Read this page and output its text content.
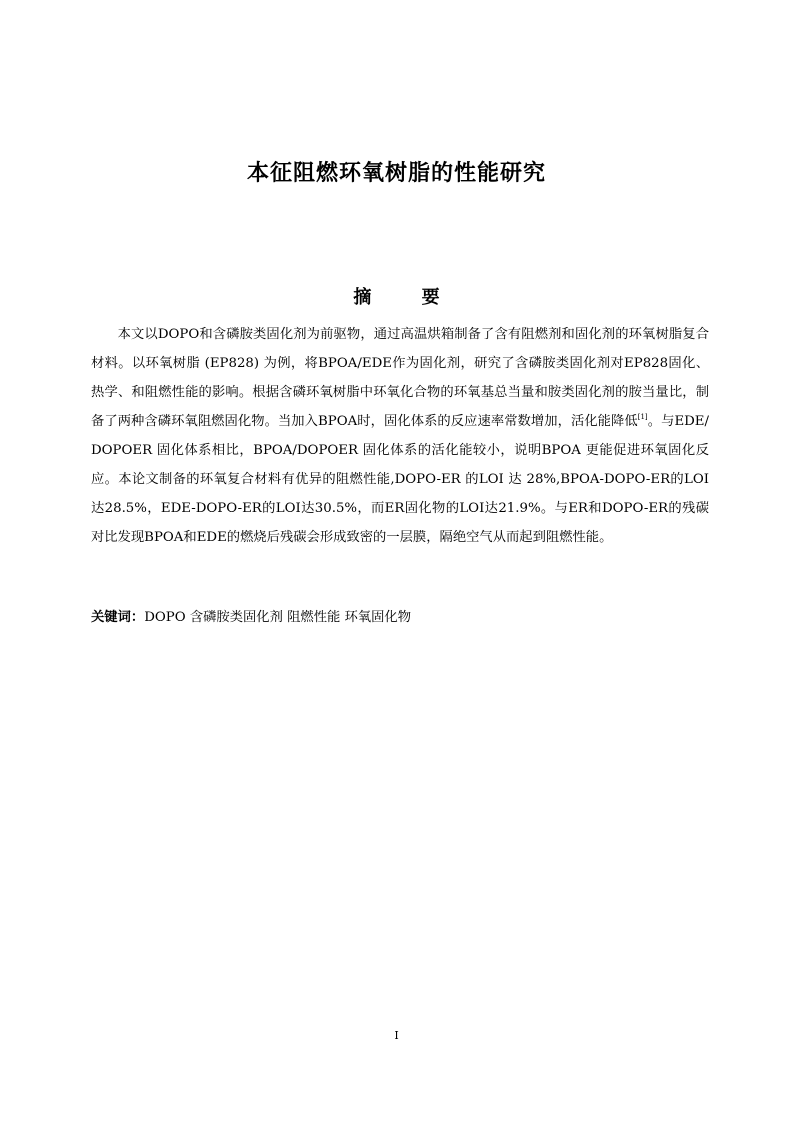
本征阻燃环氧树脂的性能研究
摘 要

本文以DOPO和含磷胺类固化剂为前驱物，通过高温烘箱制备了含有阻燃剂和固化剂的环氧树脂复合材料。以环氧树脂 (EP828) 为例，将BPOA/EDE作为固化剂，研究了含磷胺类固化剂对EP828固化、热学、和阻燃性能的影响。根据含磷环氧树脂中环氧化合物的环氧基总当量和胺类固化剂的胺当量比，制备了两种含磷环氧阻燃固化物。当加入BPOA时，固化体系的反应速率常数增加，活化能降低[1]。与EDE/DOPOER 固化体系相比，BPOA/DOPOER 固化体系的活化能较小，说明BPOA 更能促进环氧固化反应。本论文制备的环氧复合材料有优异的阻燃性能,DOPO-ER 的LOI 达 28%,BPOA-DOPO-ER的LOI达28.5%，EDE-DOPO-ER的LOI达30.5%，而ER固化物的LOI达21.9%。与ER和DOPO-ER的残碳对比发现BPOA和EDE的燃烧后残碳会形成致密的一层膜，隔绝空气从而起到阻燃性能。

关键词：DOPO 含磷胺类固化剂 阻燃性能 环氧固化物

I
